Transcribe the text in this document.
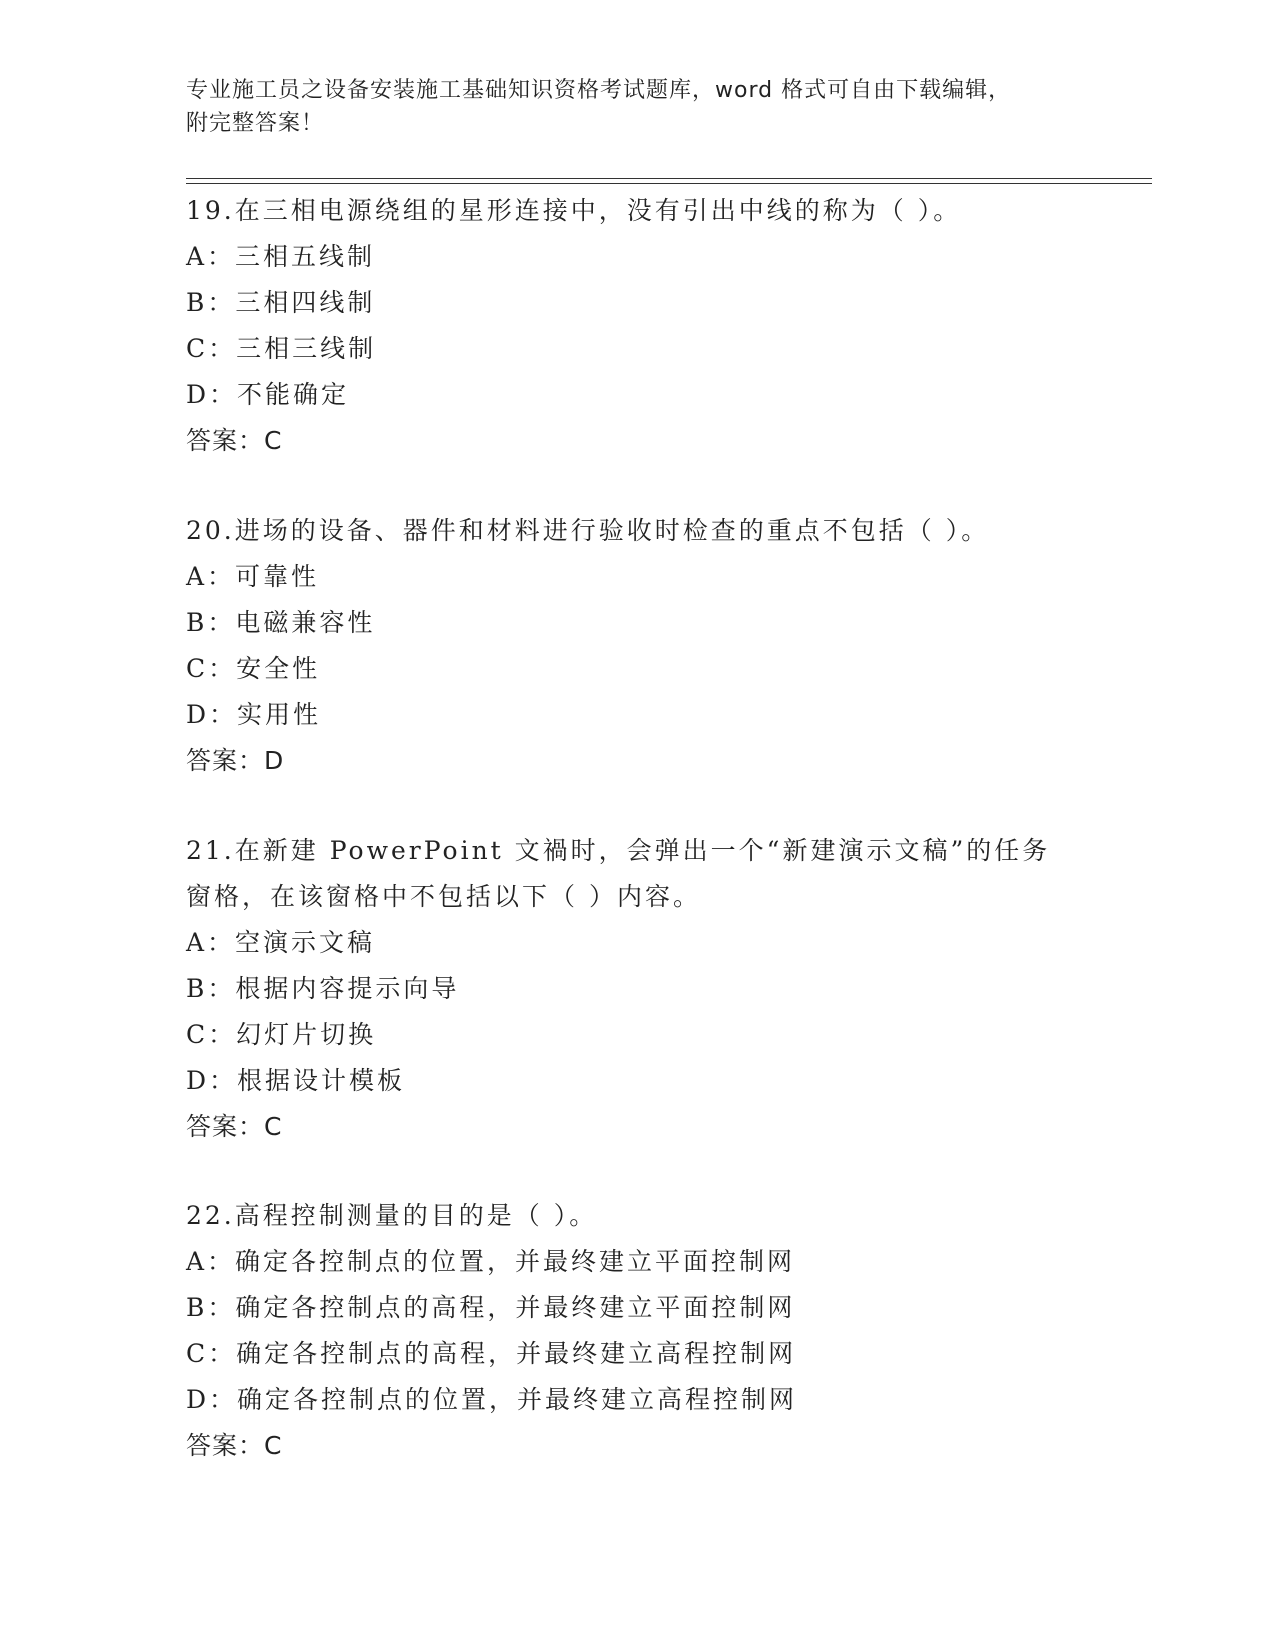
专业施工员之设备安装施工基础知识资格考试题库，word 格式可自由下载编辑，
附完整答案！
19.在三相电源绕组的星形连接中，没有引出中线的称为（ ）。
A：三相五线制
B：三相四线制
C：三相三线制
D：不能确定
答案：C
20.进场的设备、器件和材料进行验收时检查的重点不包括（ ）。
A：可靠性
B：电磁兼容性
C：安全性
D：实用性
答案：D
21.在新建 PowerPoint 文禍时，会弹出一个“新建演示文稿”的任务
窗格，在该窗格中不包括以下（ ）内容。
A：空演示文稿
B：根据内容提示向导
C：幻灯片切换
D：根据设计模板
答案：C
22.高程控制测量的目的是（ ）。
A：确定各控制点的位置，并最终建立平面控制网
B：确定各控制点的高程，并最终建立平面控制网
C：确定各控制点的高程，并最终建立高程控制网
D：确定各控制点的位置，并最终建立高程控制网
答案：C
